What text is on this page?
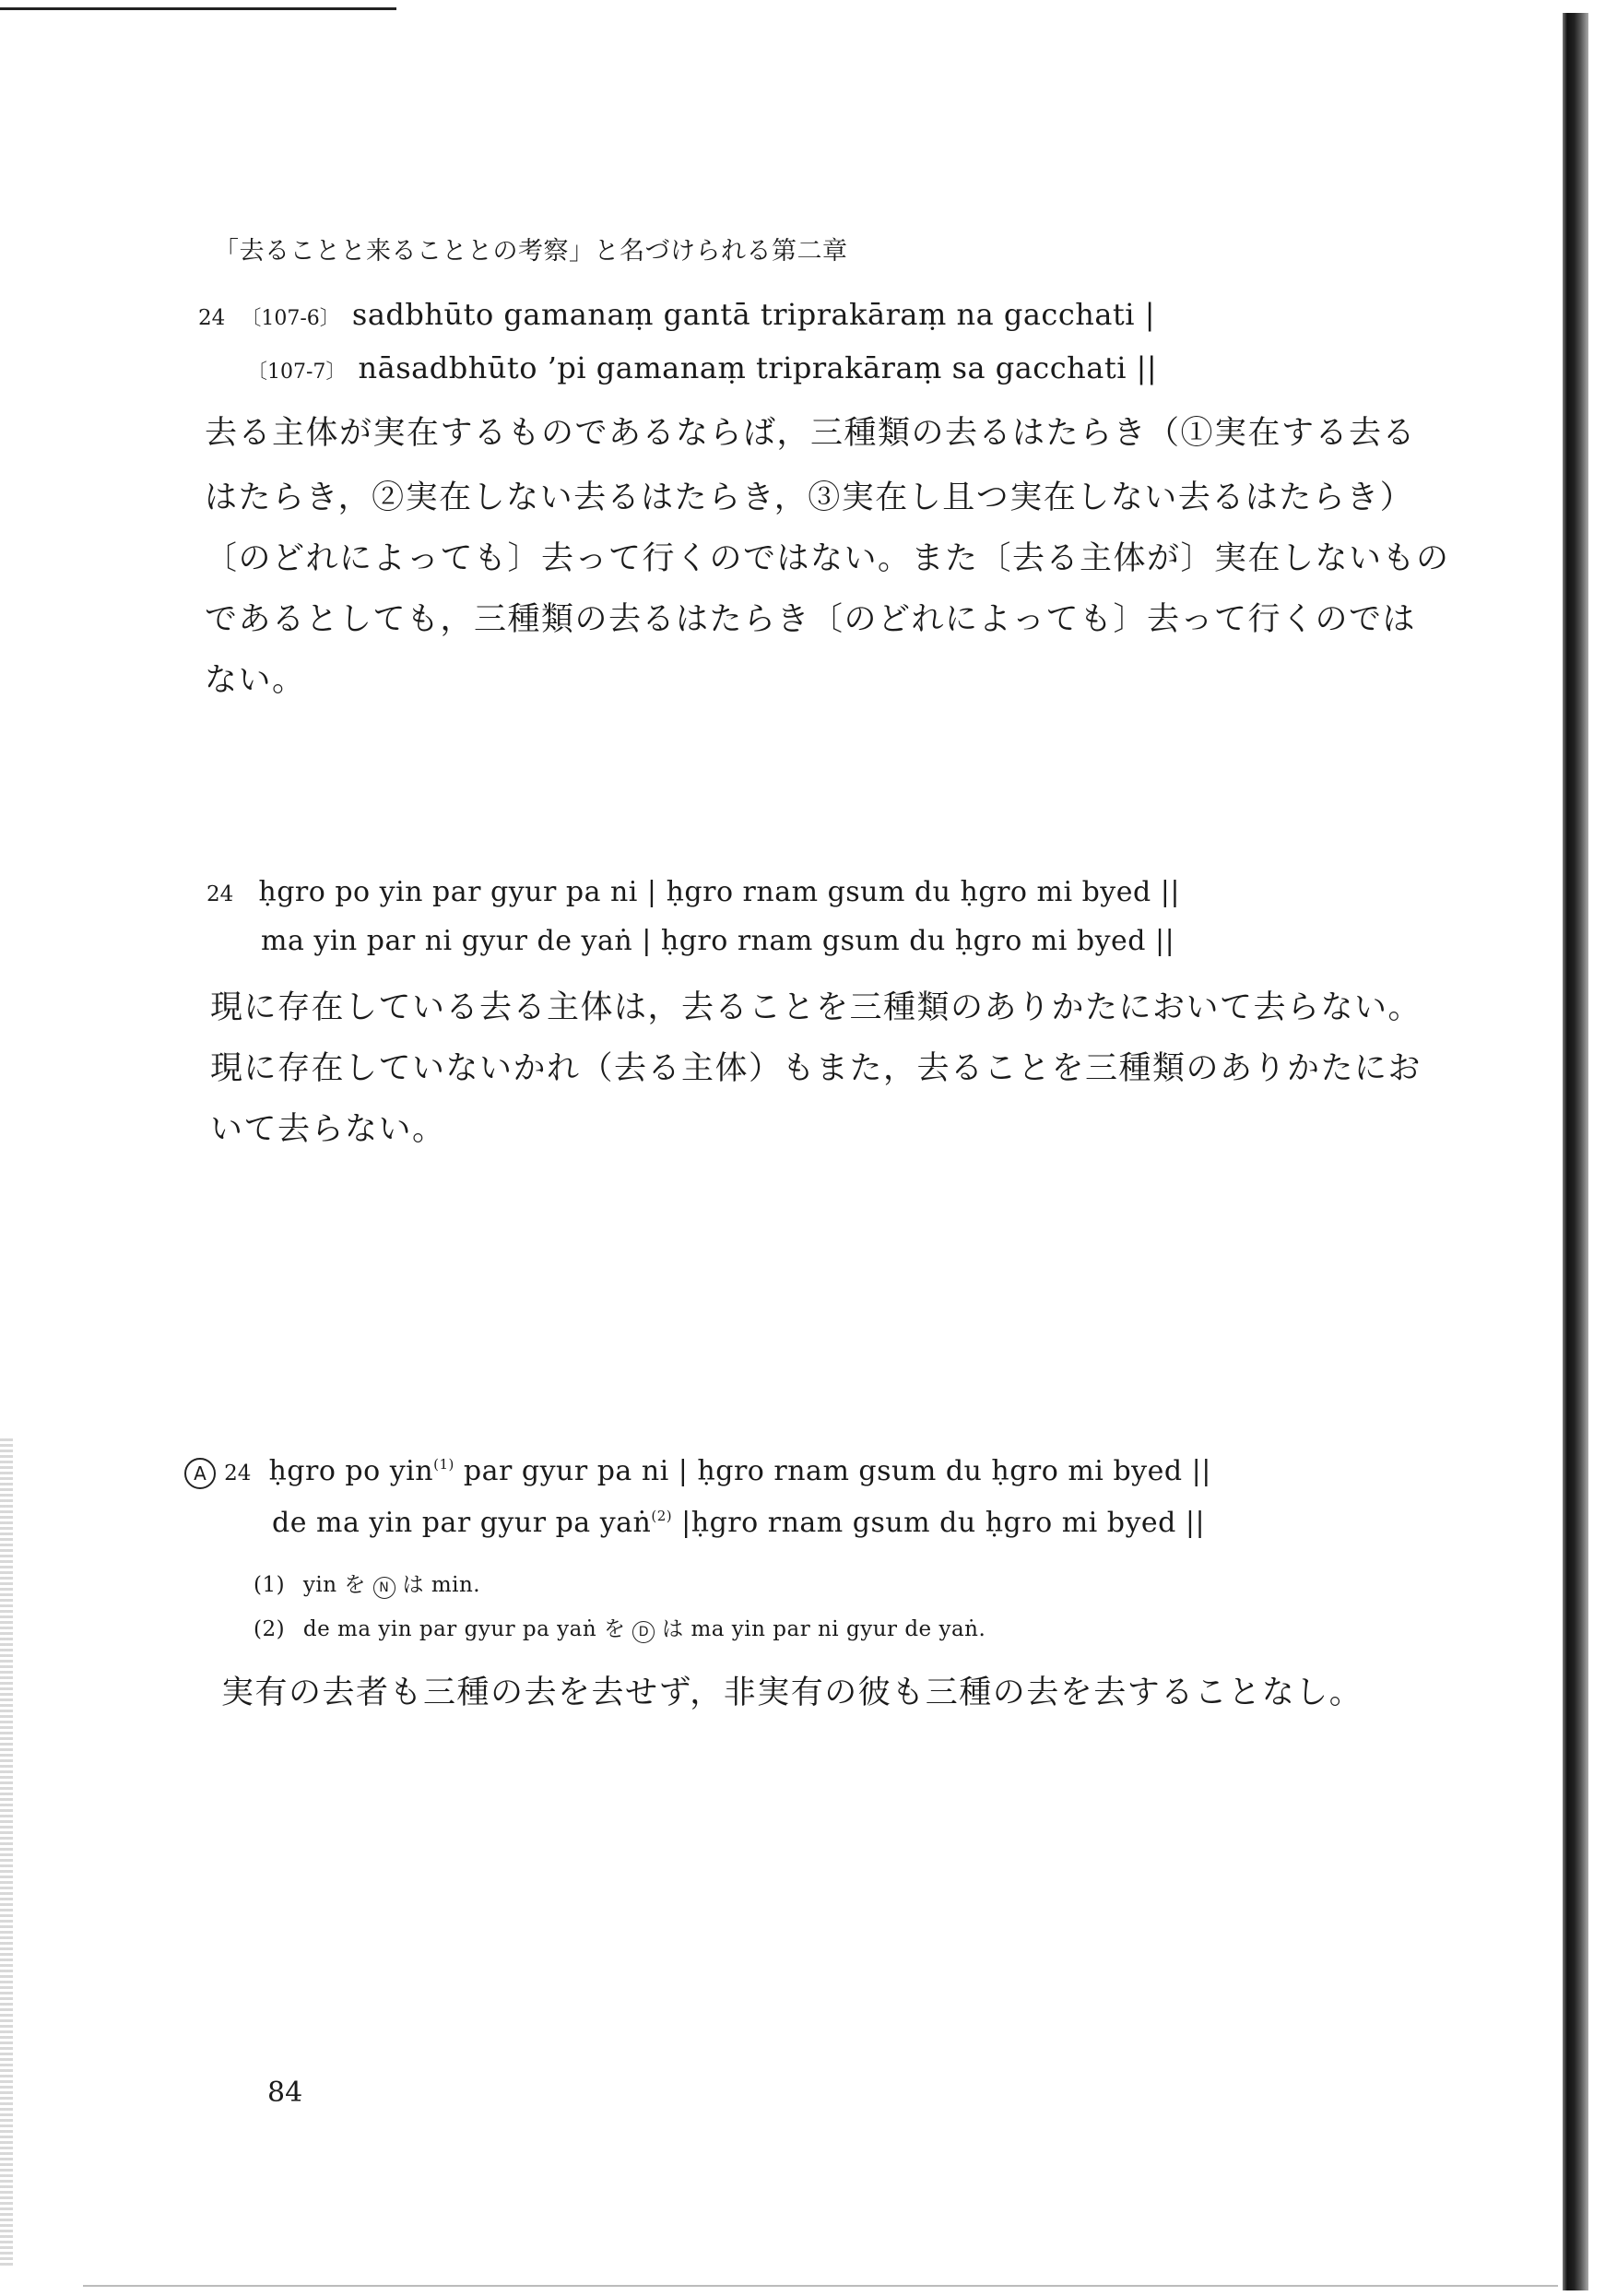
「去ることと来ることとの考察」と名づけられる第二章
24 〔107-6〕 sadbhūto gamanaṃ gantā triprakāraṃ na gacchati |
〔107-7〕 nāsadbhūto ’pi gamanaṃ triprakāraṃ sa gacchati ||
去る主体が実在するものであるならば，三種類の去るはたらき（①実在する去る
はたらき，②実在しない去るはたらき，③実在し且つ実在しない去るはたらき）
〔のどれによっても〕去って行くのではない。また〔去る主体が〕実在しないもの
であるとしても，三種類の去るはたらき〔のどれによっても〕去って行くのでは
ない。
24 ḥgro po yin par gyur pa ni | ḥgro rnam gsum du ḥgro mi byed ||
ma yin par ni gyur de yaṅ | ḥgro rnam gsum du ḥgro mi byed ||
現に存在している去る主体は，去ることを三種類のありかたにおいて去らない。
現に存在していないかれ（去る主体）もまた，去ることを三種類のありかたにお
いて去らない。
A 24 ḥgro po yin$^{(1)}$ par gyur pa ni | ḥgro rnam gsum du ḥgro mi byed ||
de ma yin par gyur pa yaṅ$^{(2)}$ |ḥgro rnam gsum du ḥgro mi byed ||
(1) yin を N は min.
(2) de ma yin par gyur pa yaṅ を D は ma yin par ni gyur de yaṅ.
実有の去者も三種の去を去せず，非実有の彼も三種の去を去することなし。
84
